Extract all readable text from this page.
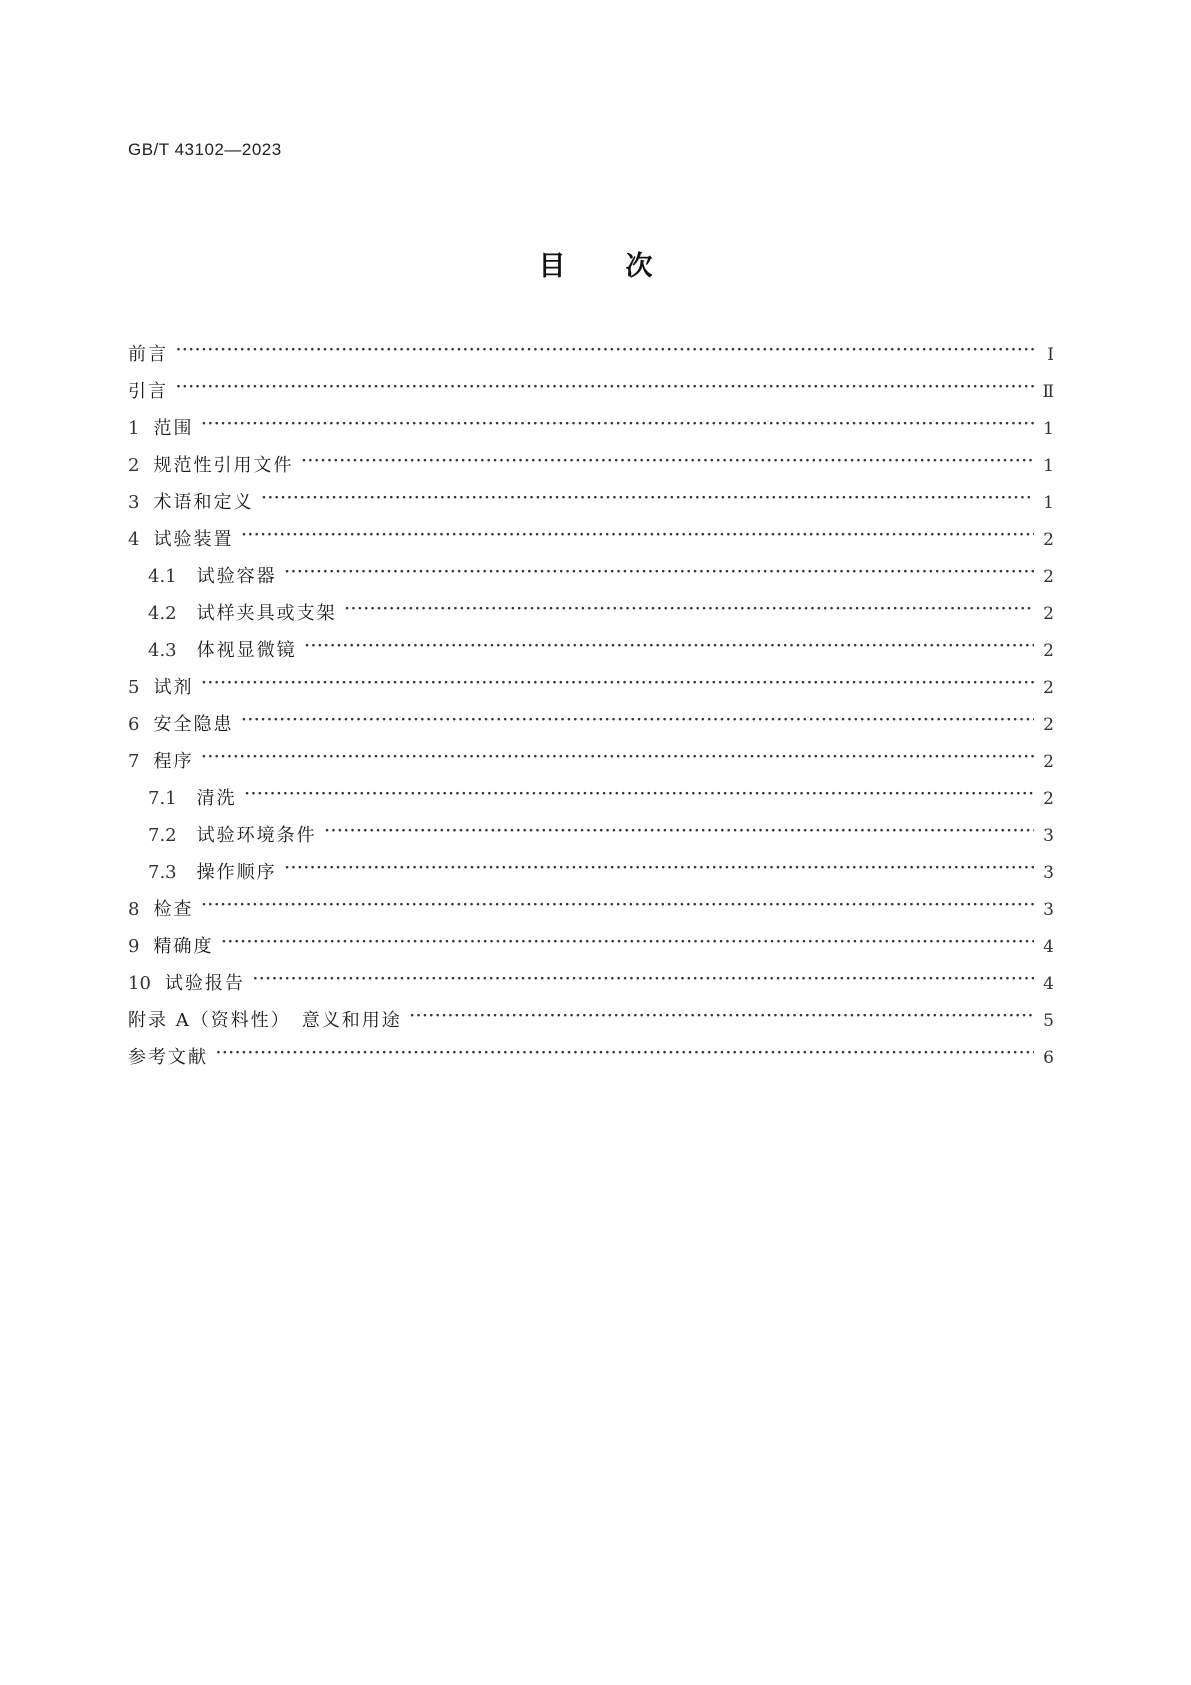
GB/T 43102—2023
目次
前言 ·····	Ⅰ
引言 ·····	Ⅱ
1 范围 ·····	1
2 规范性引用文件 ·····	1
3 术语和定义 ·····	1
4 试验装置 ·····	2
4.1 试验容器 ·····	2
4.2 试样夹具或支架 ·····	2
4.3 体视显微镜 ·····	2
5 试剂 ·····	2
6 安全隐患 ·····	2
7 程序 ·····	2
7.1 清洗 ·····	2
7.2 试验环境条件 ·····	3
7.3 操作顺序 ·····	3
8 检查 ·····	3
9 精确度 ·····	4
10 试验报告 ·····	4
附录 A（资料性）　意义和用途 ·····	5
参考文献 ·····	6
